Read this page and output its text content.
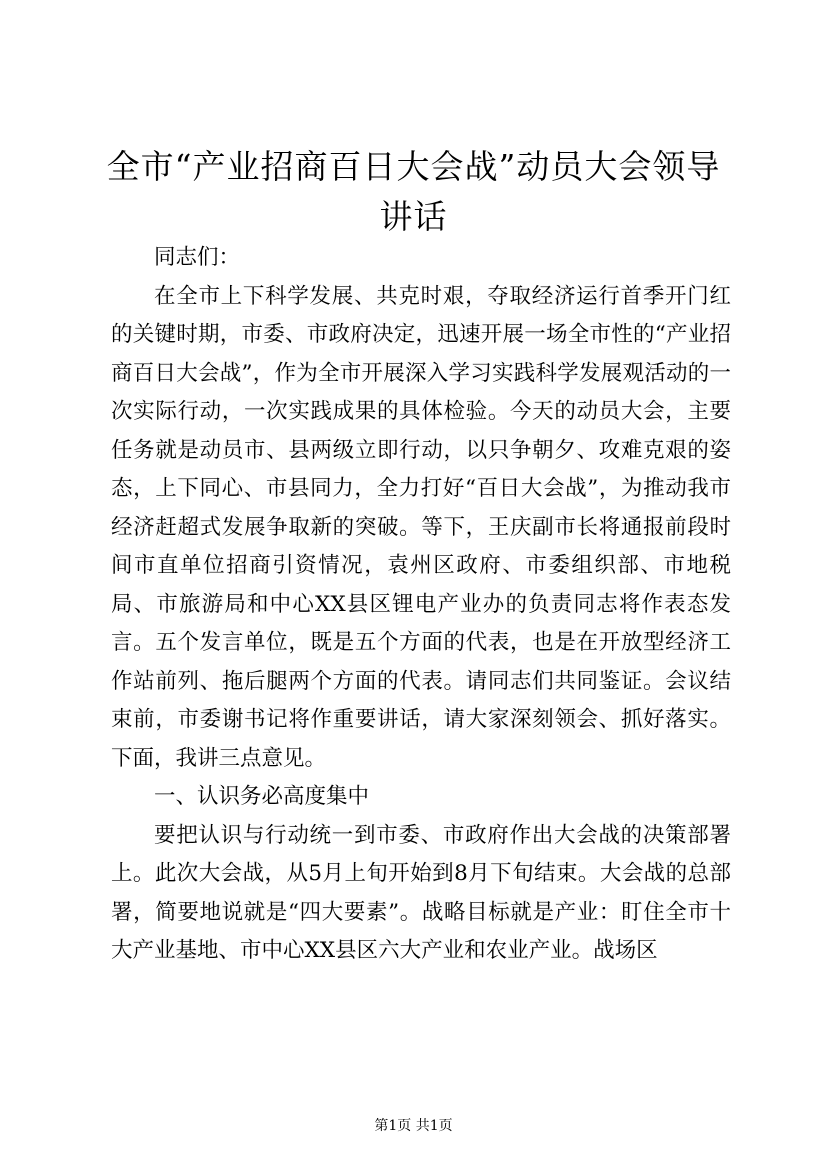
全市“产业招商百日大会战”动员大会领导讲话

同志们：

在全市上下科学发展、共克时艰，夺取经济运行首季开门红的关键时期，市委、市政府决定，迅速开展一场全市性的“产业招商百日大会战”，作为全市开展深入学习实践科学发展观活动的一次实际行动，一次实践成果的具体检验。今天的动员大会，主要任务就是动员市、县两级立即行动，以只争朝夕、攻难克艰的姿态，上下同心、市县同力，全力打好“百日大会战”，为推动我市经济赶超式发展争取新的突破。等下，王庆副市长将通报前段时间市直单位招商引资情况，袁州区政府、市委组织部、市地税局、市旅游局和中心XX县区锂电产业办的负责同志将作表态发言。五个发言单位，既是五个方面的代表，也是在开放型经济工作站前列、拖后腿两个方面的代表。请同志们共同鉴证。会议结束前，市委谢书记将作重要讲话，请大家深刻领会、抓好落实。下面，我讲三点意见。

一、认识务必高度集中

要把认识与行动统一到市委、市政府作出大会战的决策部署上。此次大会战，从5月上旬开始到8月下旬结束。大会战的总部署，简要地说就是“四大要素”。战略目标就是产业：盯住全市十大产业基地、市中心XX县区六大产业和农业产业。战场区

第1页 共1页
